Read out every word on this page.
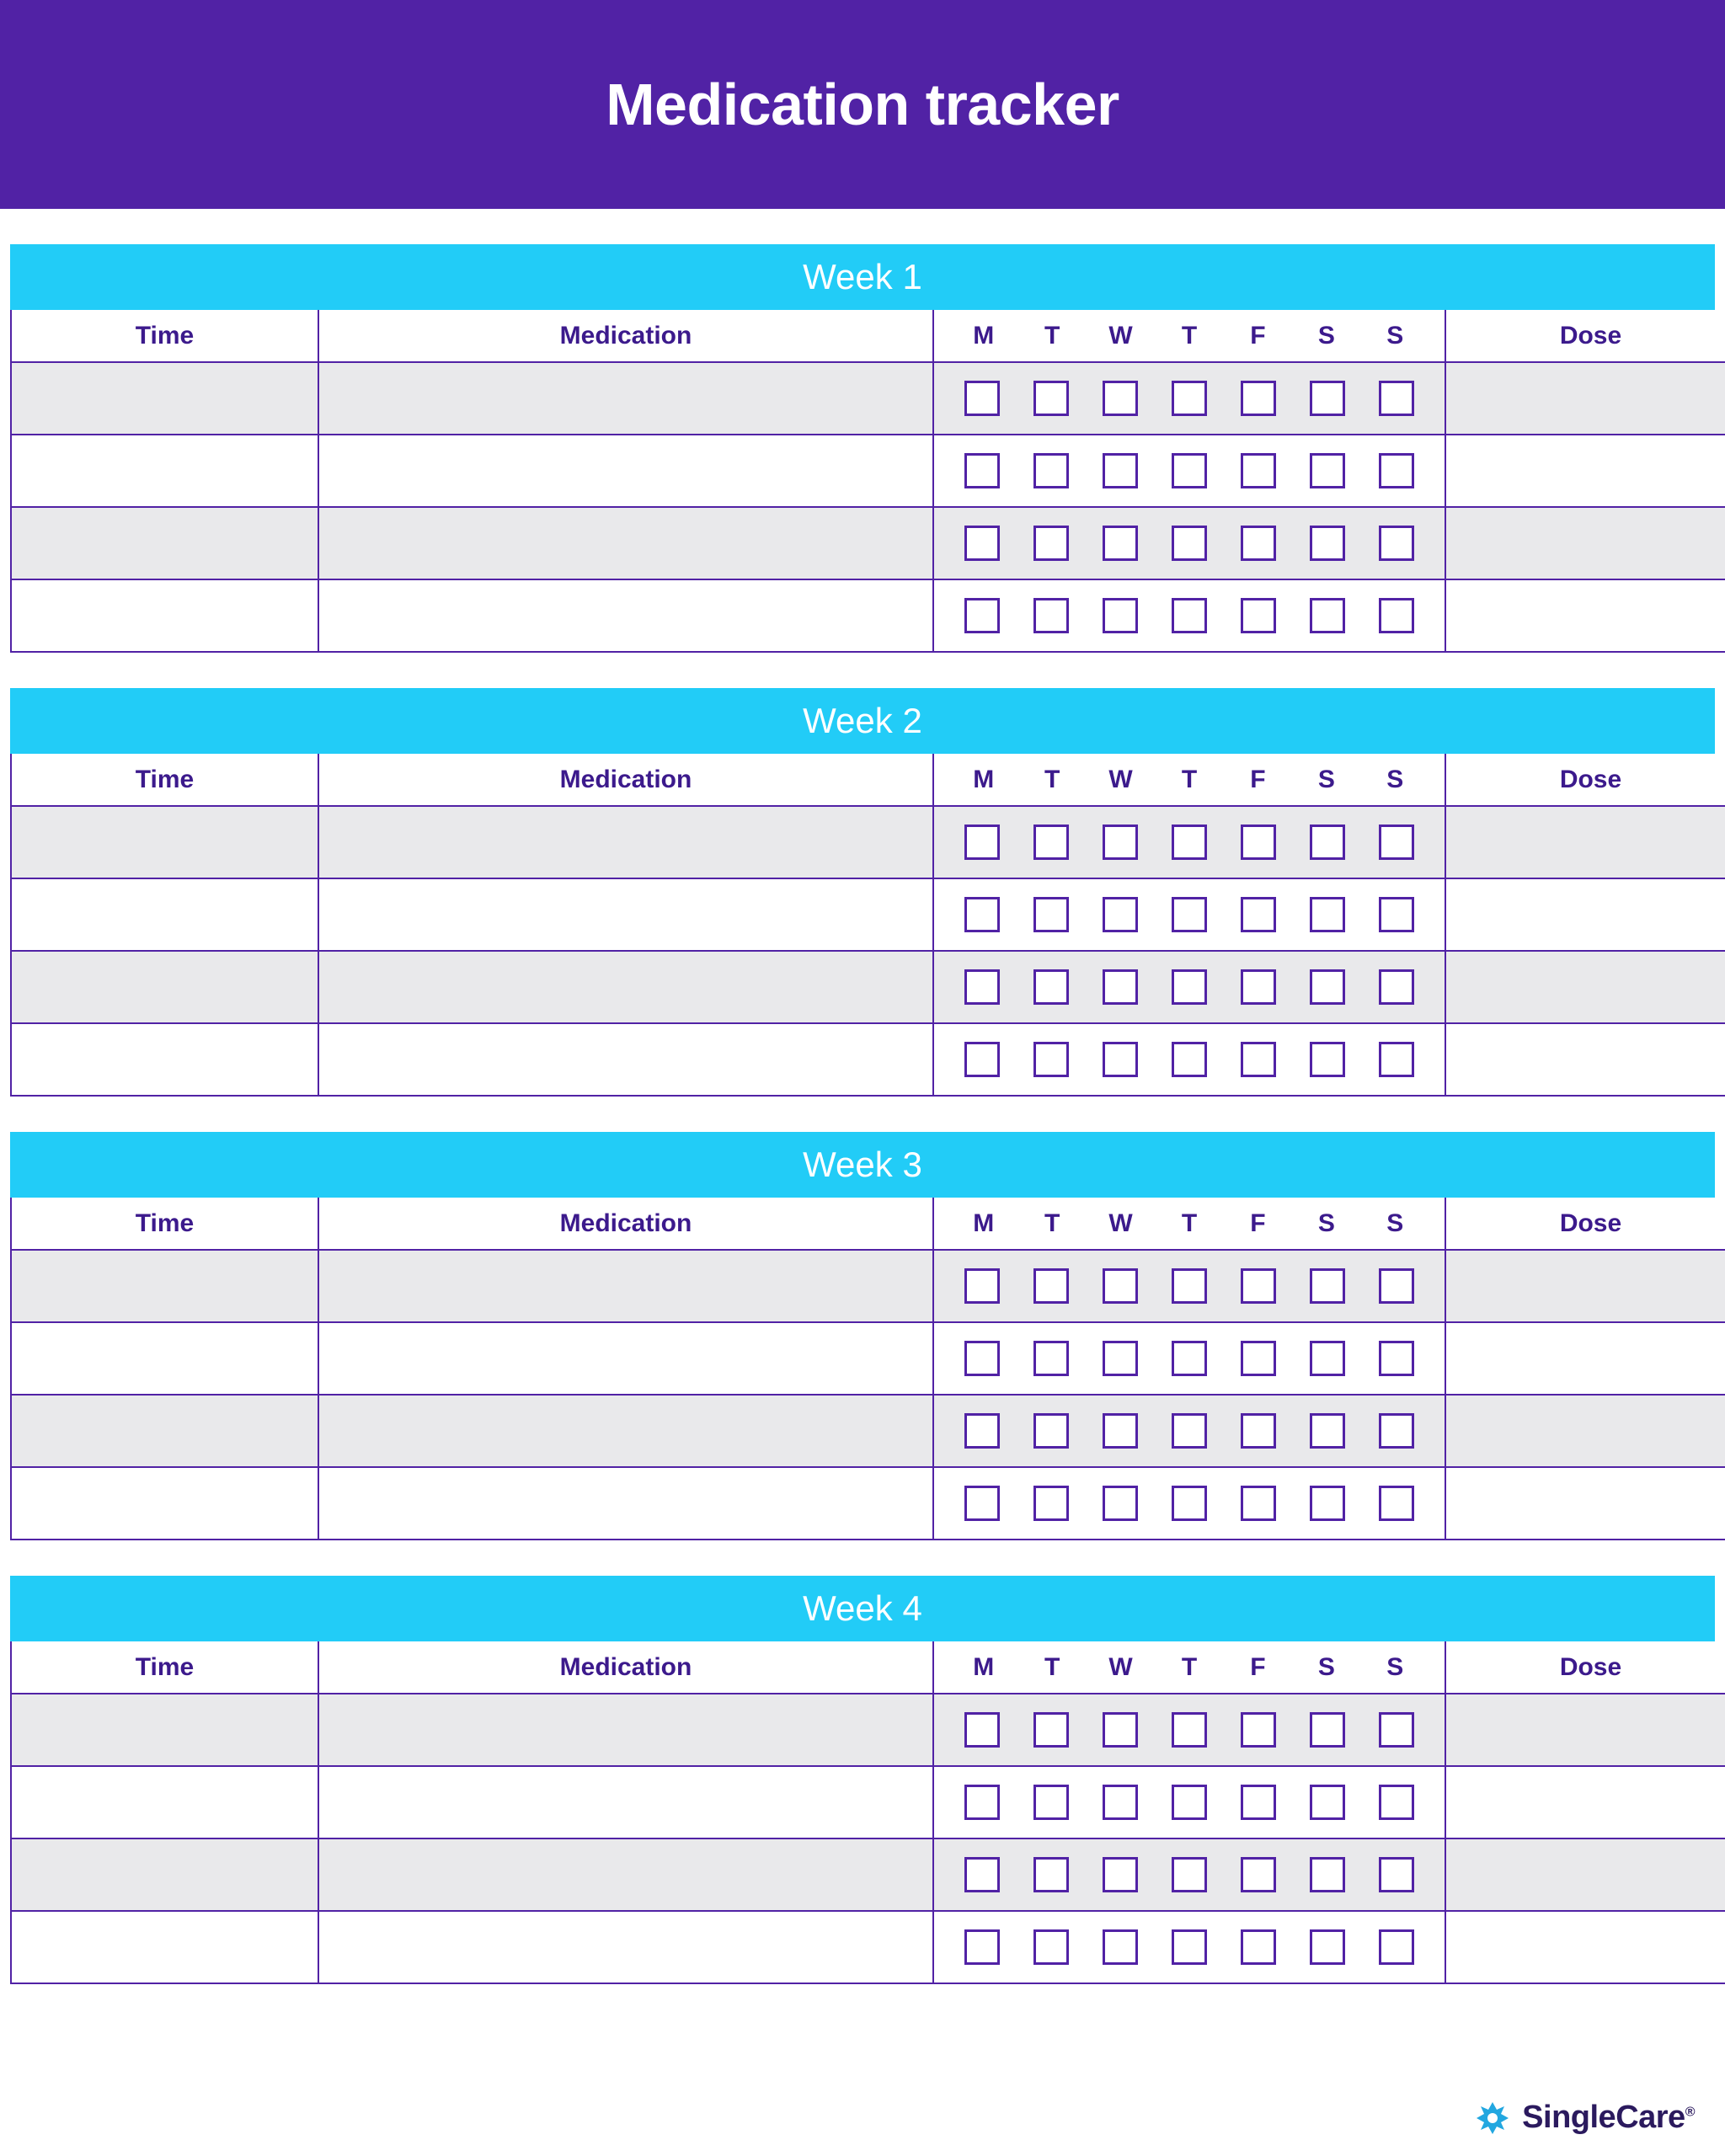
Medication tracker
Week 1
Time	Medication	M	T	W	T	F	S	S	Dose

Week 2
Time	Medication	M	T	W	T	F	S	S	Dose

Week 3
Time	Medication	M	T	W	T	F	S	S	Dose

Week 4
Time	Medication	M	T	W	T	F	S	S	Dose

SingleCare®
